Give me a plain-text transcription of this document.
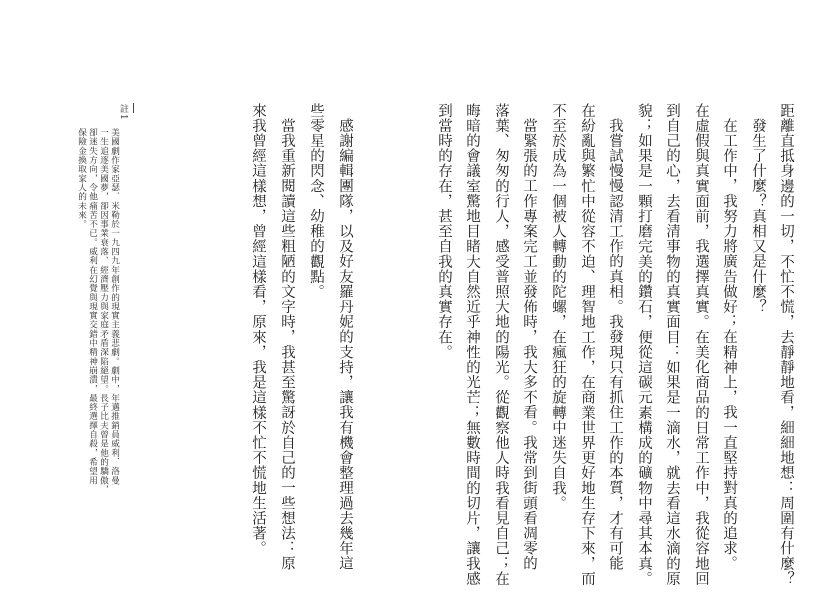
距離直抵身邊的一切，不忙不慌，去靜靜地看，細細地想：周圍有什麼？
發生了什麼？真相又是什麼？
在工作中，我努力將廣告做好；在精神上，我一直堅持對真的追求。
在虛假與真實面前，我選擇真實。在美化商品的日常工作中，我從容地回
到自己的心，去看清事物的真實面目：如果是一滴水，就去看這水滴的原
貌；如果是一顆打磨完美的鑽石，便從這碳元素構成的礦物中尋其本真。
我嘗試慢慢認清工作的真相。我發現只有抓住工作的本質，才有可能
在紛亂與繁忙中從容不迫、理智地工作，在商業世界更好地生存下來，而
不至於成為一個被人轉動的陀螺，在瘋狂的旋轉中迷失自我。
當緊張的工作專案完工並發佈時，我大多不看。我常到街頭看凋零的
落葉、匆匆的行人，感受普照大地的陽光。從觀察他人時我看見自己；在
晦暗的會議室驚地目睹大自然近乎神性的光芒；無數時間的切片，讓我感
到當時的存在，甚至自我的真實存在。
感謝編輯團隊，以及好友羅丹妮的支持，讓我有機會整理過去幾年這
些零星的閃念、幼稚的觀點。
當我重新閱讀這些粗陋的文字時，我甚至驚訝於自己的一些想法：原
來我曾經這樣想，曾經這樣看，原來，我是這樣不忙不慌地生活著。
註1
美國劇作家亞瑟．米勒於一九四九年創作的現實主義悲劇。劇中，年邁推銷員威利．洛曼
一生追逐美國夢，卻因事業衰落、經濟壓力與家庭矛盾深陷絕望。長子比夫曾是他的驕傲，
卻迷失方向，令他痛苦不已。威利在幻覺與現實交錯中精神崩潰，最終選擇自殺，希望用
保險金換取家人的未來。
